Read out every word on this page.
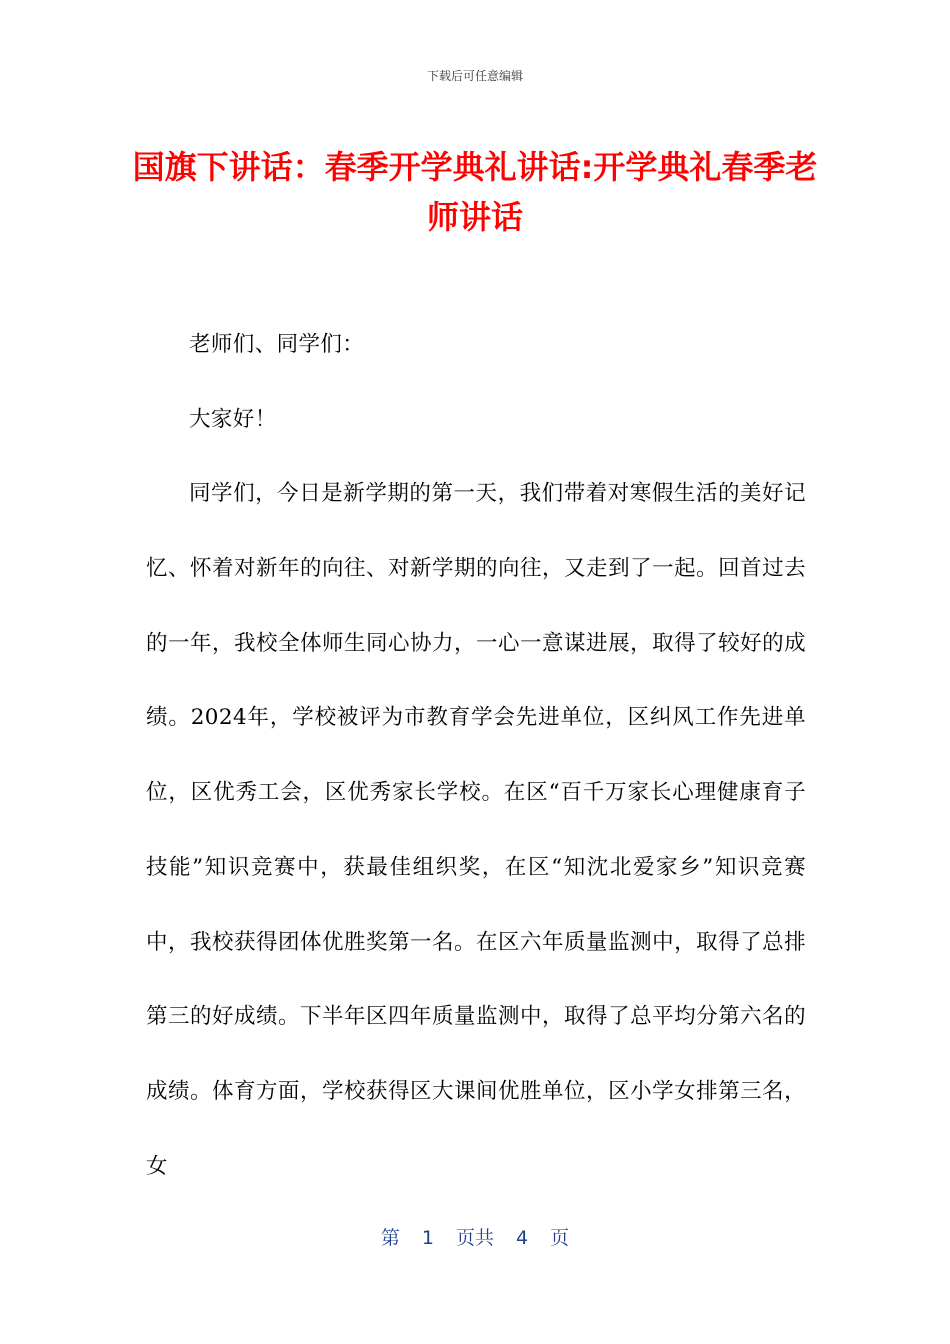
下载后可任意编辑
国旗下讲话：春季开学典礼讲话:开学典礼春季老师讲话

老师们、同学们：

大家好！

同学们，今日是新学期的第一天，我们带着对寒假生活的美好记忆、怀着对新年的向往、对新学期的向往，又走到了一起。回首过去的一年，我校全体师生同心协力，一心一意谋进展，取得了较好的成绩。2024年，学校被评为市教育学会先进单位，区纠风工作先进单位，区优秀工会，区优秀家长学校。在区“百千万家长心理健康育子技能”知识竞赛中，获最佳组织奖，在区“知沈北爱家乡”知识竞赛中，我校获得团体优胜奖第一名。在区六年质量监测中，取得了总排第三的好成绩。下半年区四年质量监测中，取得了总平均分第六名的成绩。体育方面，学校获得区大课间优胜单位，区小学女排第三名，女

第 1 页共 4 页
